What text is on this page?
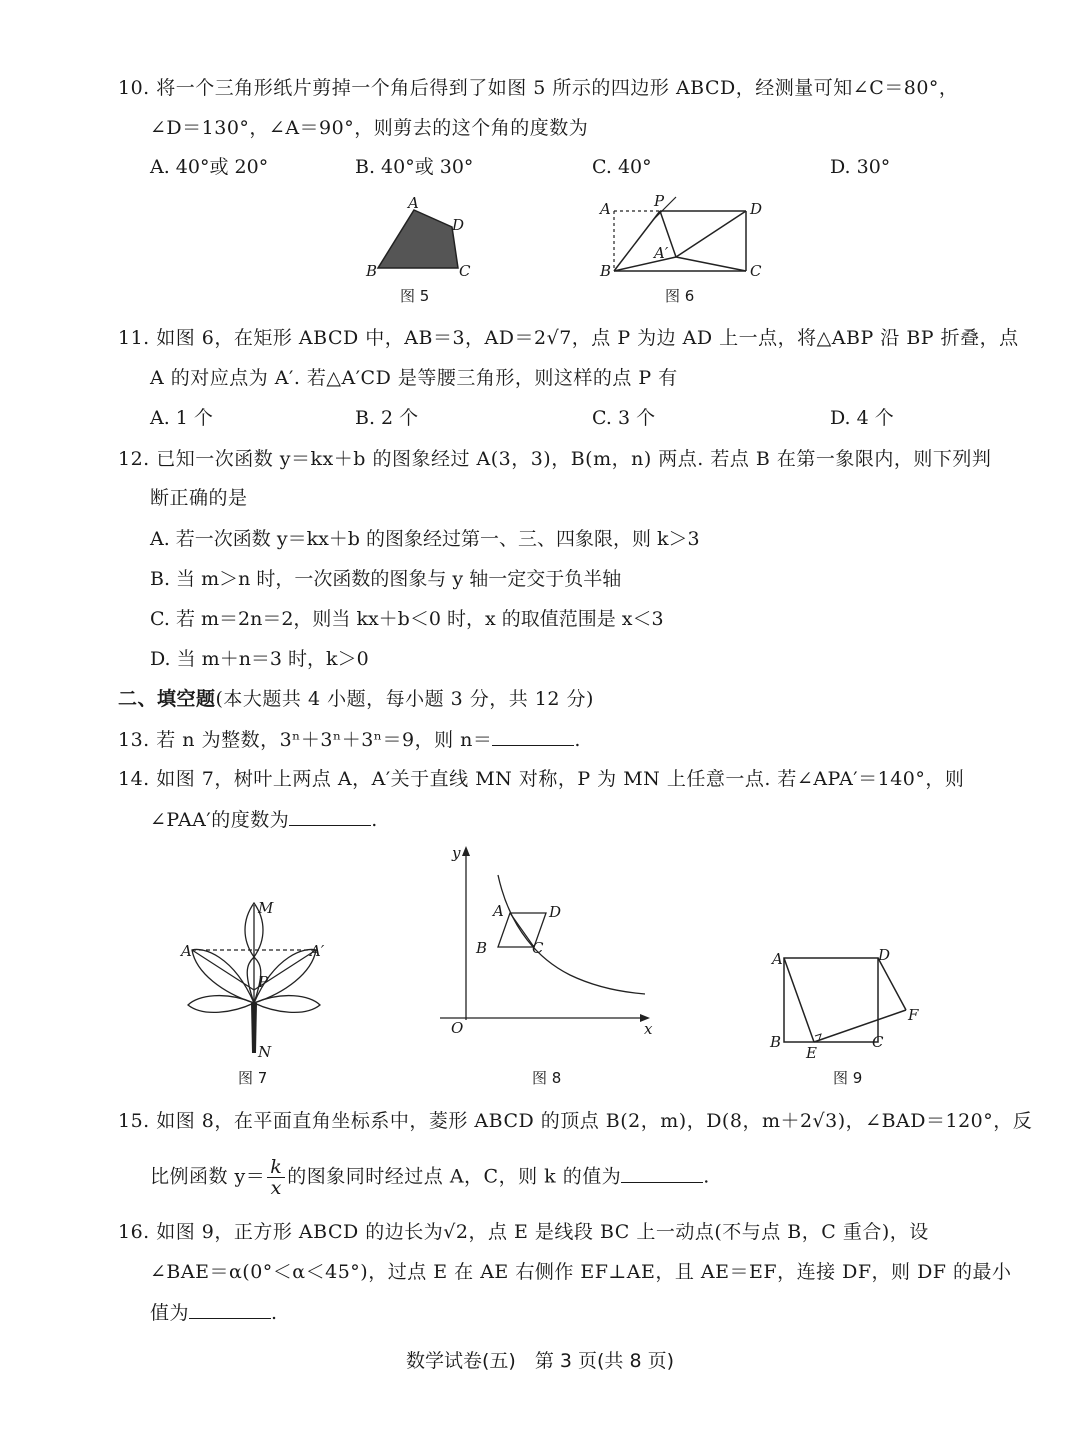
10. 将一个三角形纸片剪掉一个角后得到了如图 5 所示的四边形 ABCD，经测量可知∠C＝80°，
∠D＝130°，∠A＝90°，则剪去的这个角的度数为
A. 40°或 20°	B. 40°或 30°	C. 40°	D. 30°
A
B	C
D
图 5
A	P	D
A′
B	C
图 6
11. 如图 6，在矩形 ABCD 中，AB＝3，AD＝2√7，点 P 为边 AD 上一点，将△ABP 沿 BP 折叠，点
A 的对应点为 A′. 若△A′CD 是等腰三角形，则这样的点 P 有
A. 1 个	B. 2 个	C. 3 个	D. 4 个
12. 已知一次函数 y＝kx＋b 的图象经过 A(3，3)，B(m，n) 两点. 若点 B 在第一象限内，则下列判
断正确的是
A. 若一次函数 y＝kx＋b 的图象经过第一、三、四象限，则 k＞3
B. 当 m＞n 时，一次函数的图象与 y 轴一定交于负半轴
C. 若 m＝2n＝2，则当 kx＋b＜0 时，x 的取值范围是 x＜3
D. 当 m＋n＝3 时，k＞0
二、填空题(本大题共 4 小题，每小题 3 分，共 12 分)
13. 若 n 为整数，3ⁿ＋3ⁿ＋3ⁿ＝9，则 n＝	.
14. 如图 7，树叶上两点 A，A′关于直线 MN 对称，P 为 MN 上任意一点. 若∠APA′＝140°，则
∠PAA′的度数为	.
M
A	A′
P
N
图 7
y
A	D
B	C
O	x
图 8
A	D
F
B
E
C
图 9
15. 如图 8，在平面直角坐标系中，菱形 ABCD 的顶点 B(2，m)，D(8，m＋2√3)，∠BAD＝120°，反
比例函数 $y= \frac{k}{x}$ 的图象同时经过点 A，C，则 k 的值为	.
16. 如图 9，正方形 ABCD 的边长为√2，点 E 是线段 BC 上一动点(不与点 B，C 重合)，设
∠BAE＝α(0°＜α＜45°)，过点 E 在 AE 右侧作 EF⊥AE，且 AE＝EF，连接 DF，则 DF 的最小
值为	.
数学试卷(五)　第 3 页(共 8 页)
